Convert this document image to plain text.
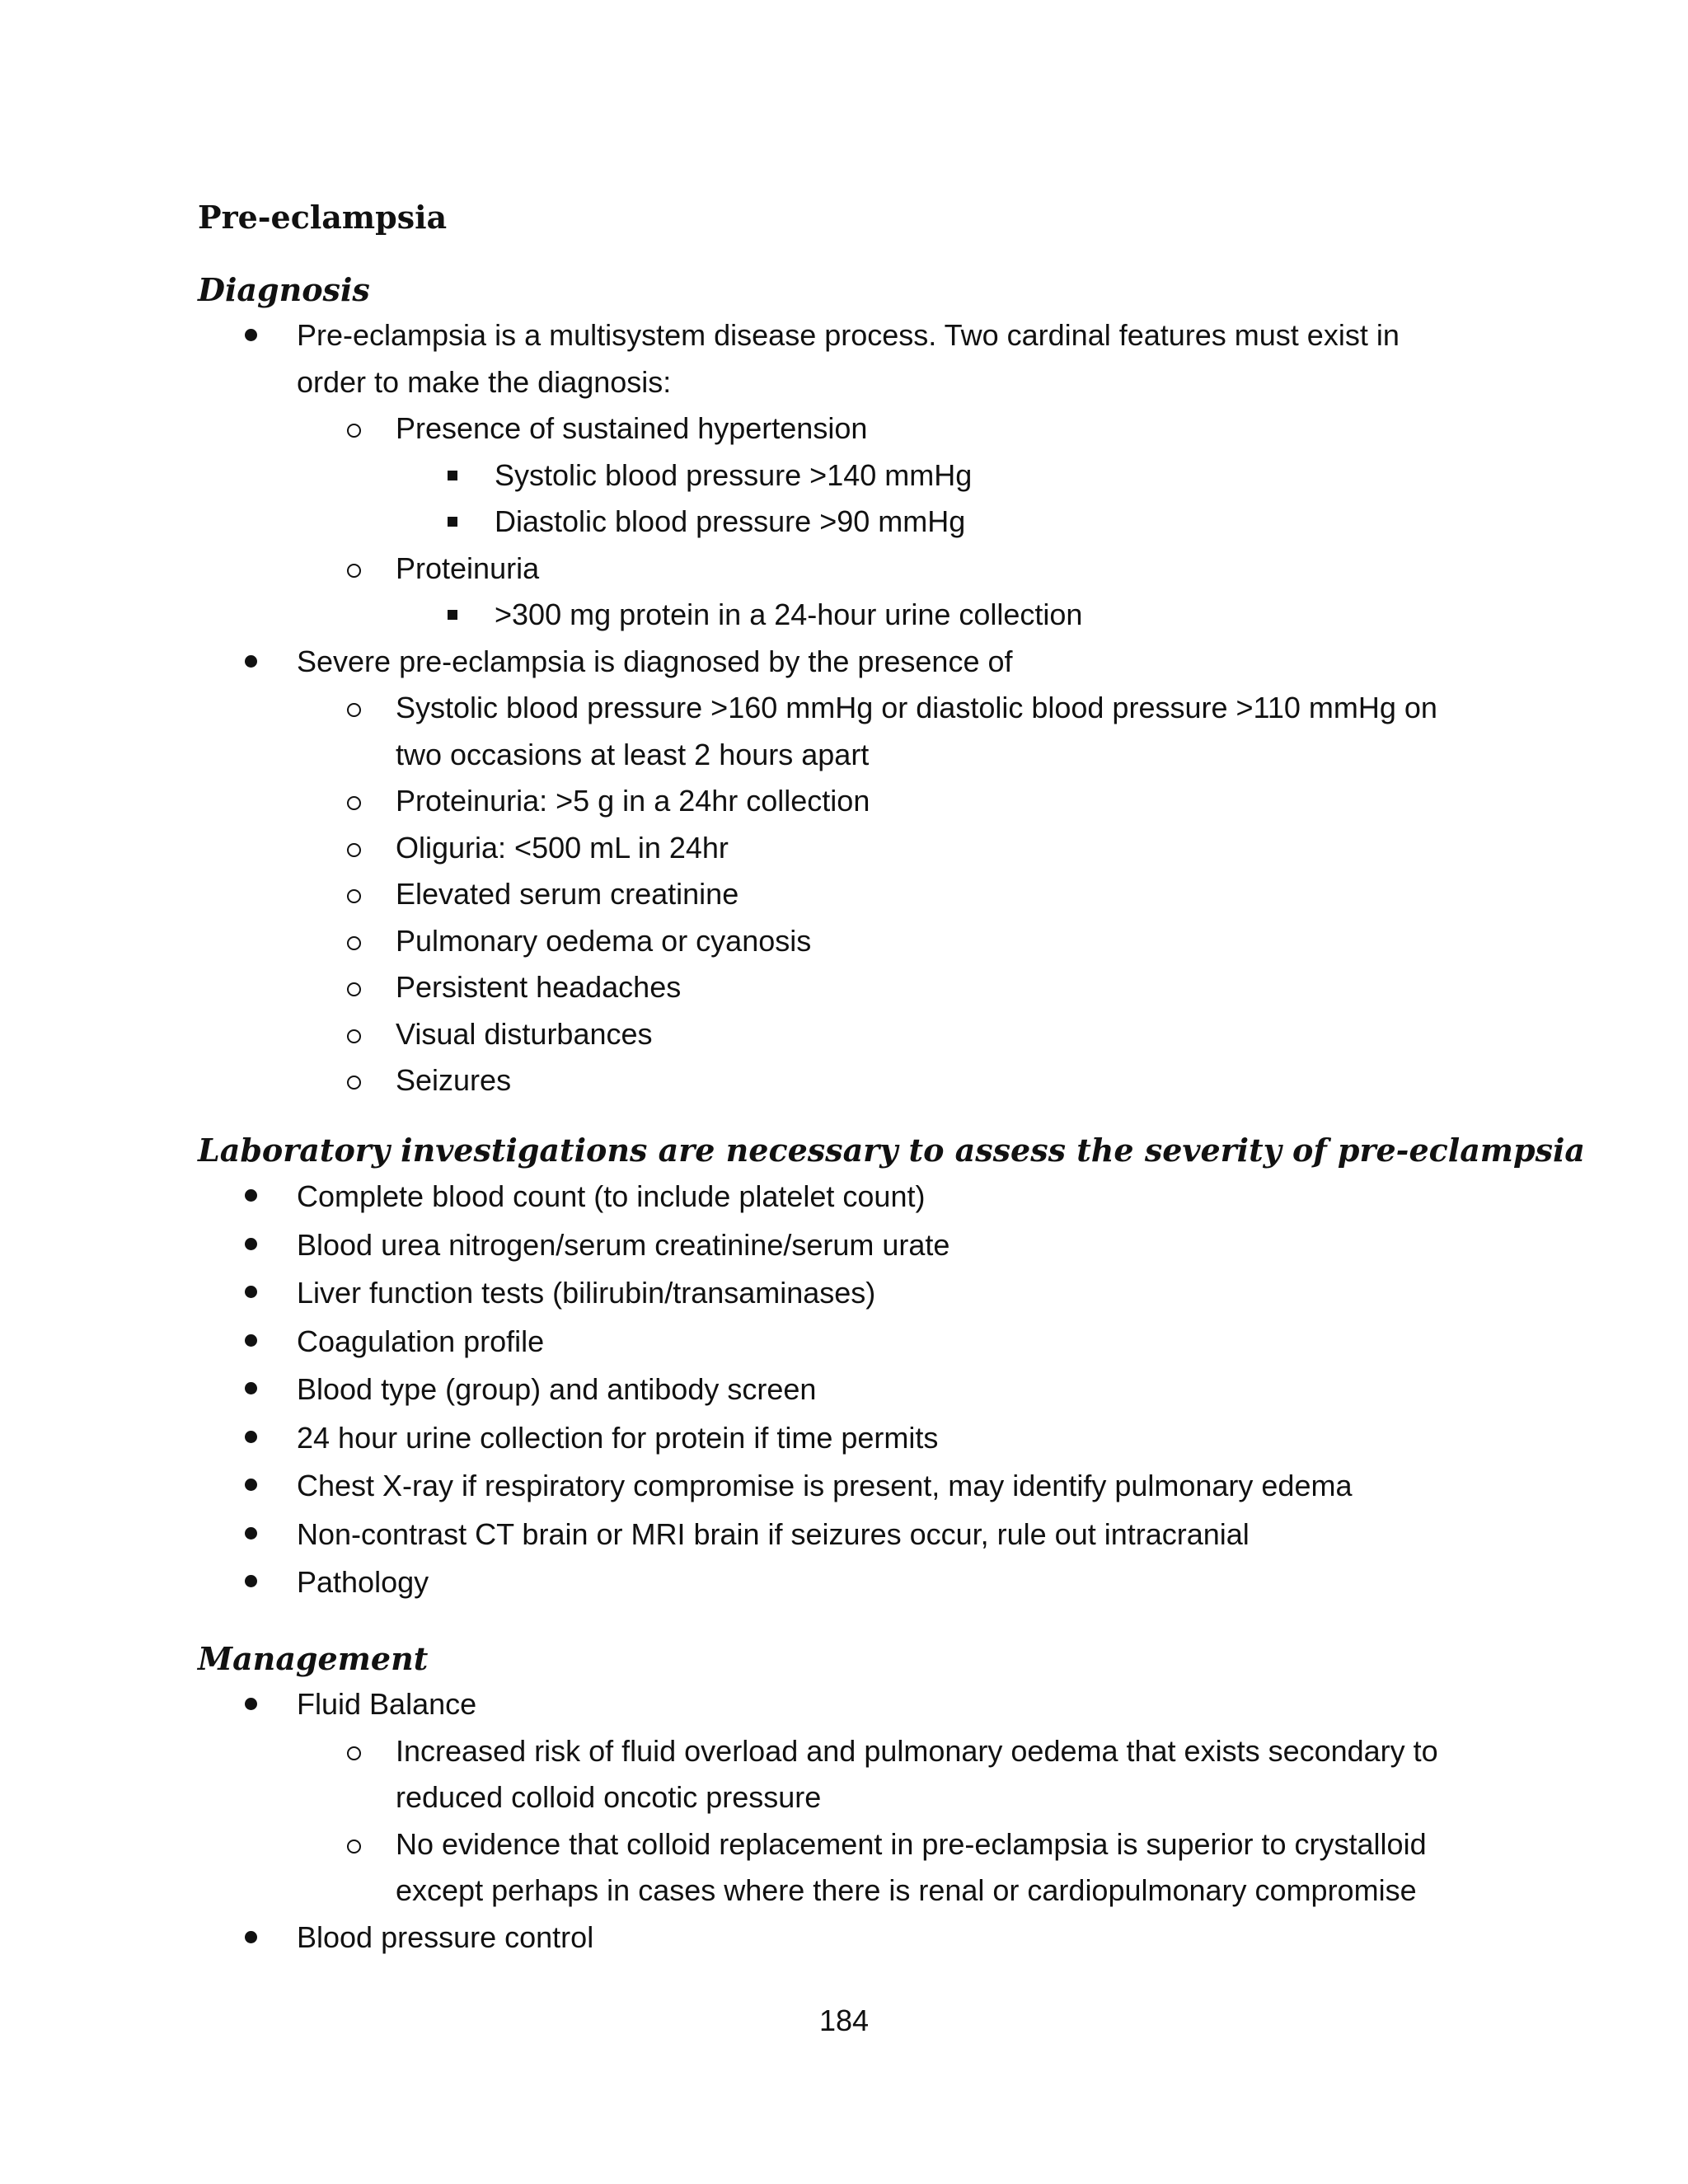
Pre-eclampsia
Diagnosis
Pre-eclampsia is a multisystem disease process. Two cardinal features must exist in order to make the diagnosis:
Presence of sustained hypertension
Systolic blood pressure >140 mmHg
Diastolic blood pressure >90 mmHg
Proteinuria
>300 mg protein in a 24-hour urine collection
Severe pre-eclampsia is diagnosed by the presence of
Systolic blood pressure >160 mmHg or diastolic blood pressure >110 mmHg on two occasions at least 2 hours apart
Proteinuria: >5 g in a 24hr collection
Oliguria: <500 mL in 24hr
Elevated serum creatinine
Pulmonary oedema or cyanosis
Persistent headaches
Visual disturbances
Seizures
Laboratory investigations are necessary to assess the severity of pre-eclampsia
Complete blood count (to include platelet count)
Blood urea nitrogen/serum creatinine/serum urate
Liver function tests (bilirubin/transaminases)
Coagulation profile
Blood type (group) and antibody screen
24 hour urine collection for protein if time permits
Chest X-ray if respiratory compromise is present, may identify pulmonary edema
Non-contrast CT brain or MRI brain if seizures occur, rule out intracranial
Pathology
Management
Fluid Balance
Increased risk of fluid overload and pulmonary oedema that exists secondary to reduced colloid oncotic pressure
No evidence that colloid replacement in pre-eclampsia is superior to crystalloid except perhaps in cases where there is renal or cardiopulmonary compromise
Blood pressure control
184
